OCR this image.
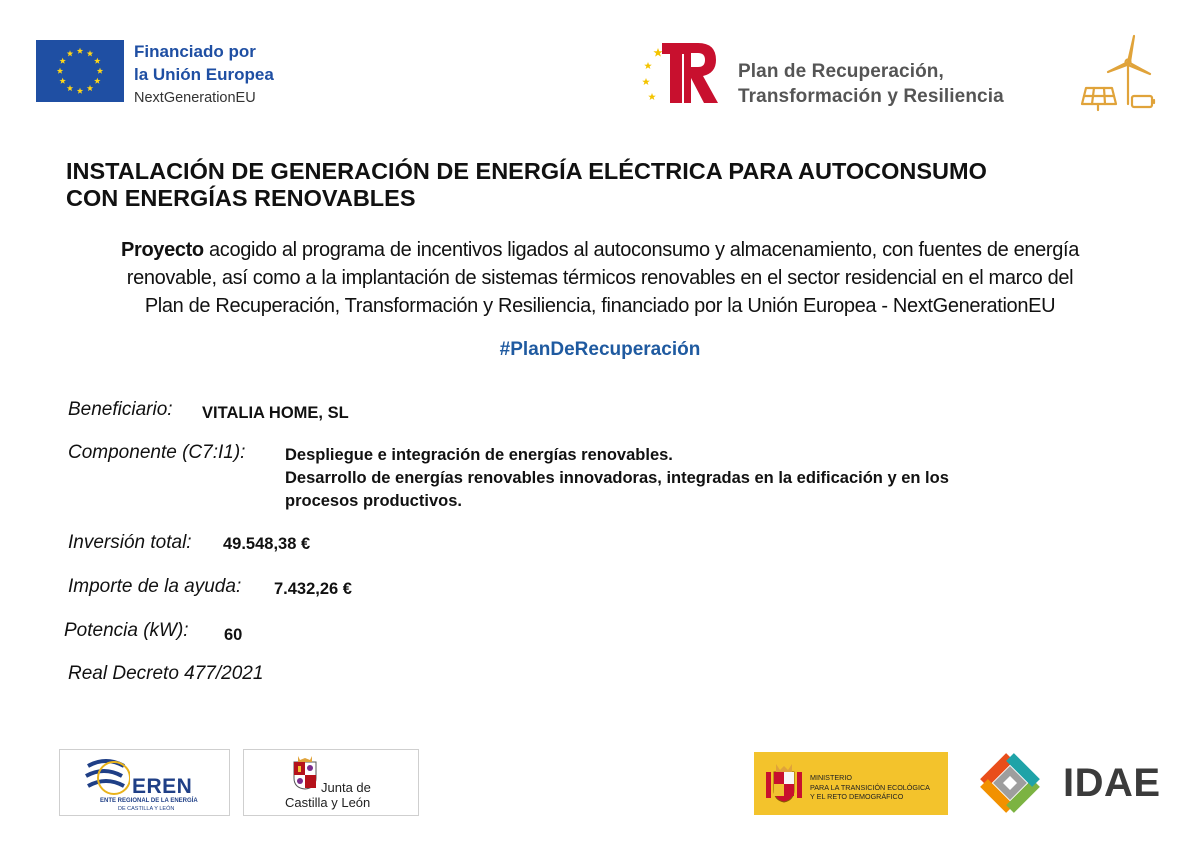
Financiado por
la Unión Europea
NextGenerationEU
Plan de Recuperación,
Transformación y Resiliencia
INSTALACIÓN DE GENERACIÓN DE ENERGÍA ELÉCTRICA PARA AUTOCONSUMO
CON ENERGÍAS RENOVABLES
Proyecto acogido al programa de incentivos ligados al autoconsumo y almacenamiento, con fuentes de energía
renovable, así como a la implantación de sistemas térmicos renovables en el sector residencial en el marco del
Plan de Recuperación, Transformación y Resiliencia, financiado por la Unión Europea - NextGenerationEU
#PlanDeRecuperación
Beneficiario: VITALIA HOME, SL
Componente (C7:I1): Despliegue e integración de energías renovables.
Desarrollo de energías renovables innovadoras, integradas en la edificación y en los
procesos productivos.
Inversión total: 49.548,38 €
Importe de la ayuda: 7.432,26 €
Potencia (kW): 60
Real Decreto 477/2021
EREN
ENTE REGIONAL DE LA ENERGÍA
DE CASTILLA Y LEÓN
Junta de
Castilla y León
MINISTERIO
PARA LA TRANSICIÓN ECOLÓGICA
Y EL RETO DEMOGRÁFICO	IDAE
